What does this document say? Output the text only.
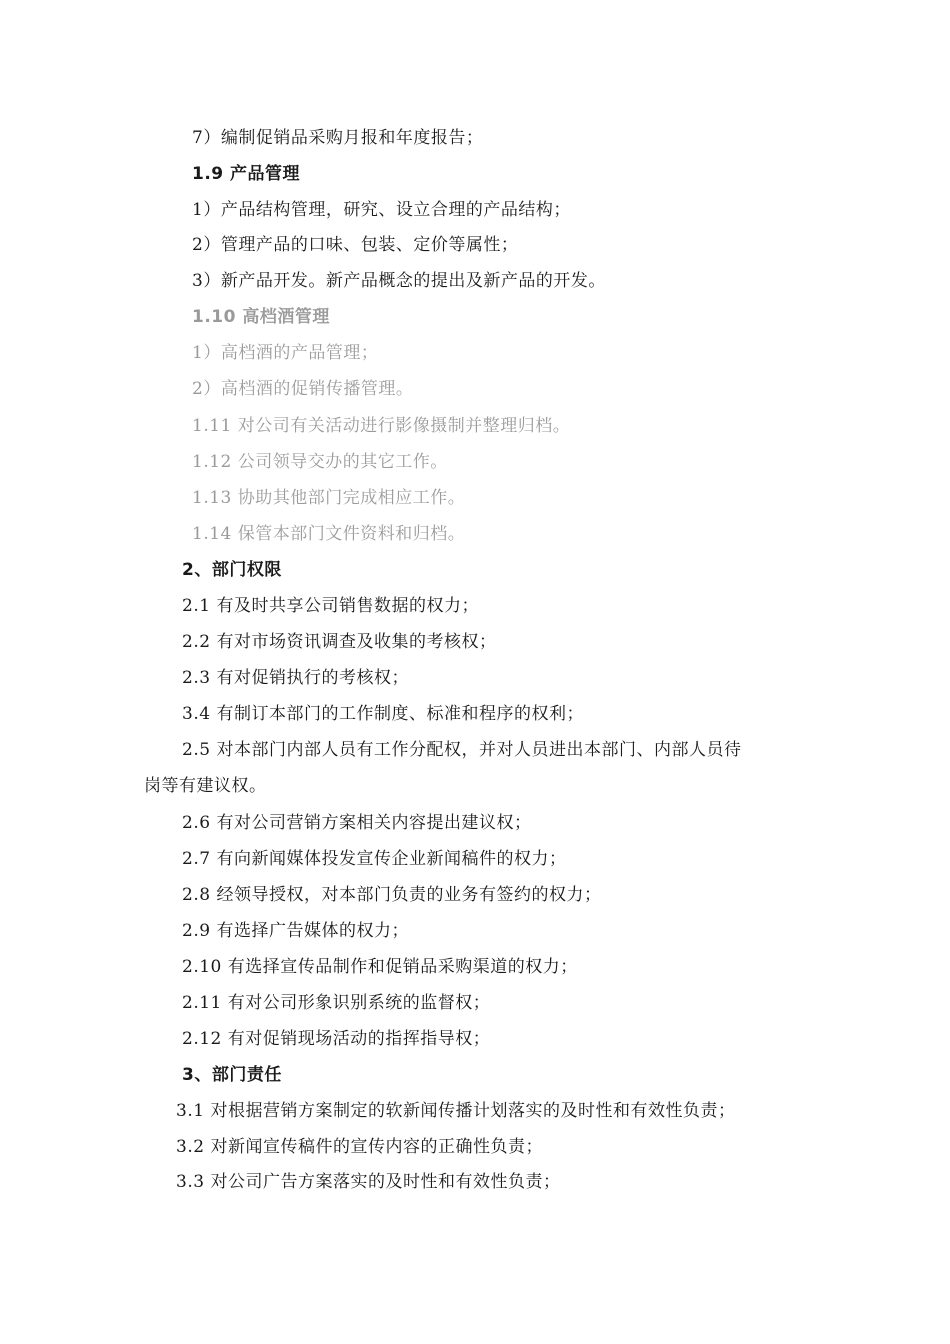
7）编制促销品采购月报和年度报告；
1.9 产品管理
1）产品结构管理，研究、设立合理的产品结构；
2）管理产品的口味、包装、定价等属性；
3）新产品开发。新产品概念的提出及新产品的开发。
1.10 高档酒管理
1）高档酒的产品管理；
2）高档酒的促销传播管理。
1.11 对公司有关活动进行影像摄制并整理归档。
1.12 公司领导交办的其它工作。
1.13 协助其他部门完成相应工作。
1.14 保管本部门文件资料和归档。
2、部门权限
2.1 有及时共享公司销售数据的权力；
2.2 有对市场资讯调查及收集的考核权；
2.3 有对促销执行的考核权；
3.4 有制订本部门的工作制度、标准和程序的权利；
2.5 对本部门内部人员有工作分配权，并对人员进出本部门、内部人员待
岗等有建议权。
2.6 有对公司营销方案相关内容提出建议权；
2.7 有向新闻媒体投发宣传企业新闻稿件的权力；
2.8 经领导授权，对本部门负责的业务有签约的权力；
2.9 有选择广告媒体的权力；
2.10 有选择宣传品制作和促销品采购渠道的权力；
2.11 有对公司形象识别系统的监督权；
2.12 有对促销现场活动的指挥指导权；
3、部门责任
3.1 对根据营销方案制定的软新闻传播计划落实的及时性和有效性负责；
3.2 对新闻宣传稿件的宣传内容的正确性负责；
3.3 对公司广告方案落实的及时性和有效性负责；
